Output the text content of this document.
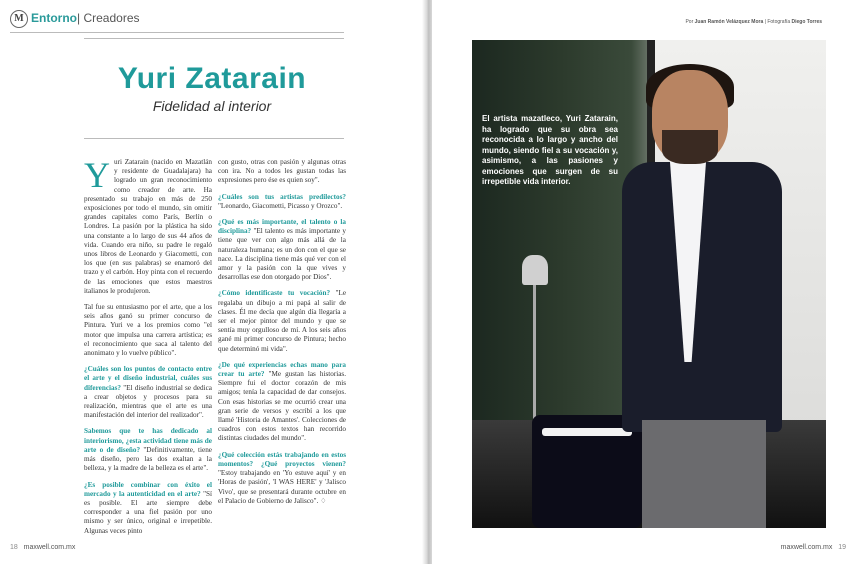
M Entorno | Creadores
Yuri Zatarain
Fidelidad al interior

Yuri Zatarain (nacido en Mazatlán y residente de Guadalajara) ha logrado un gran reconocimiento como creador de arte. Ha presentado su trabajo en más de 250 exposiciones por todo el mundo, sin omitir grandes capitales como París, Berlín o Londres. La pasión por la plástica ha sido una constante a lo largo de sus 44 años de vida. Cuando era niño, su padre le regaló unos libros de Leonardo y Giacometti, con los que (en sus palabras) se enamoró del trazo y el carbón. Hoy pinta con el recuerdo de las emociones que estos maestros italianos le produjeron.

Tal fue su entusiasmo por el arte, que a los seis años ganó su primer concurso de Pintura. Yuri ve a los premios como "el motor que impulsa una carrera artística; es el reconocimiento que saca al talento del anonimato y lo vuelve público".

¿Cuáles son los puntos de contacto entre el arte y el diseño industrial, cuáles sus diferencias? "El diseño industrial se dedica a crear objetos y procesos para su realización, mientras que el arte es una manifestación del interior del realizador".

Sabemos que te has dedicado al interiorismo, ¿esta actividad tiene más de arte o de diseño? "Definitivamente, tiene más diseño, pero las dos exaltan a la belleza, y la madre de la belleza es el arte".

¿Es posible combinar con éxito el mercado y la autenticidad en el arte? "Sí es posible. El arte siempre debe corresponder a una fiel pasión por uno mismo y ser único, original e irrepetible. Algunas veces pinto

con gusto, otras con pasión y algunas otras con ira. No a todos les gustan todas las expresiones pero ése es quien soy".

¿Cuáles son tus artistas predilectos? "Leonardo, Giacometti, Picasso y Orozco".

¿Qué es más importante, el talento o la disciplina? "El talento es más importante y tiene que ver con algo más allá de la naturaleza humana; es un don con el que se nace. La disciplina tiene más qué ver con el amor y la pasión con la que vives y desarrollas ese don otorgado por Dios".

¿Cómo identificaste tu vocación? "Le regalaba un dibujo a mi papá al salir de clases. Él me decía que algún día llegaría a ser el mejor pintor del mundo y que se sentía muy orgulloso de mí. A los seis años gané mi primer concurso de Pintura; hecho que determinó mi vida".

¿De qué experiencias echas mano para crear tu arte? "Me gustan las historias. Siempre fui el doctor corazón de mis amigos; tenía la capacidad de dar consejos. Con esas historias se me ocurrió crear una gran serie de versos y escribí a los que llamé 'Historia de Amantes'. Colecciones de cuadros con estos textos han recorrido distintas ciudades del mundo".

¿Qué colección estás trabajando en estos momentos? ¿Qué proyectos vienen? "Estoy trabajando en 'Yo estuve aquí' y en 'Horas de pasión', 'I WAS HERE' y 'Jalisco Vivo', que se presentará durante octubre en el Palacio de Gobierno de Jalisco". ♢

18 maxwell.com.mx
Por Juan Ramón Velázquez Mora | Fotografía Diego Torres
El artista mazatleco, Yuri Zatarain, ha logrado que su obra sea reconocida a lo largo y ancho del mundo, siendo fiel a su vocación y, asimismo, a las pasiones y emociones que surgen de su irrepetible vida interior.
maxwell.com.mx 19
